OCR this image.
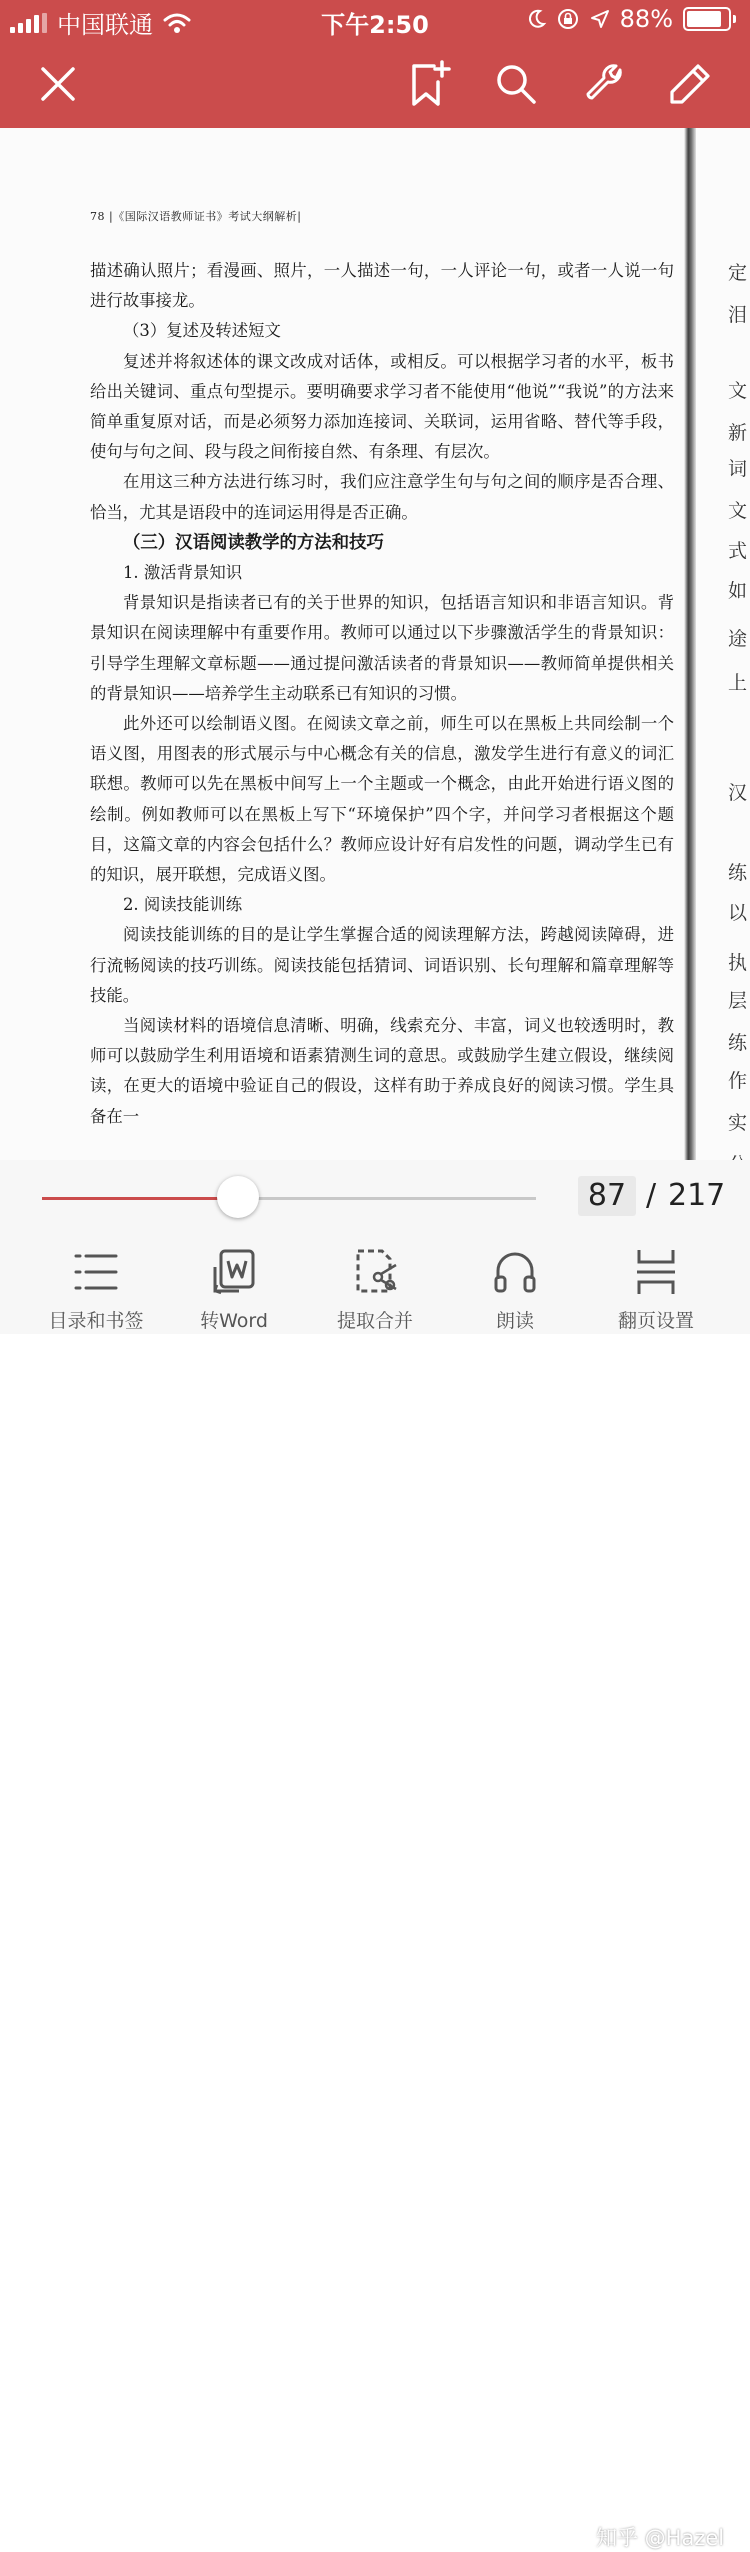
中国联通	下午2:50	88%
78 |《国际汉语教师证书》考试大纲解析|

描述确认照片；看漫画、照片，一人描述一句，一人评论一句，或者一人说一句进行故事接龙。

（3）复述及转述短文

复述并将叙述体的课文改成对话体，或相反。可以根据学习者的水平，板书给出关键词、重点句型提示。要明确要求学习者不能使用“他说”“我说”的方法来简单重复原对话，而是必须努力添加连接词、关联词，运用省略、替代等手段，使句与句之间、段与段之间衔接自然、有条理、有层次。

在用这三种方法进行练习时，我们应注意学生句与句之间的顺序是否合理、恰当，尤其是语段中的连词运用得是否正确。

（三）汉语阅读教学的方法和技巧

1. 激活背景知识

背景知识是指读者已有的关于世界的知识，包括语言知识和非语言知识。背景知识在阅读理解中有重要作用。教师可以通过以下步骤激活学生的背景知识：引导学生理解文章标题——通过提问激活读者的背景知识——教师简单提供相关的背景知识——培养学生主动联系已有知识的习惯。

此外还可以绘制语义图。在阅读文章之前，师生可以在黑板上共同绘制一个语义图，用图表的形式展示与中心概念有关的信息，激发学生进行有意义的词汇联想。教师可以先在黑板中间写上一个主题或一个概念，由此开始进行语义图的绘制。例如教师可以在黑板上写下“环境保护”四个字，并问学习者根据这个题目，这篇文章的内容会包括什么？教师应设计好有启发性的问题，调动学生已有的知识，展开联想，完成语义图。

2. 阅读技能训练

阅读技能训练的目的是让学生掌握合适的阅读理解方法，跨越阅读障碍，进行流畅阅读的技巧训练。阅读技能包括猜词、词语识别、长句理解和篇章理解等技能。

当阅读材料的语境信息清晰、明确，线索充分、丰富，词义也较透明时，教师可以鼓励学生利用语境和语素猜测生词的意思。或鼓励学生建立假设，继续阅读，在更大的语境中验证自己的假设，这样有助于养成良好的阅读习惯。学生具备在一

定
泪
文
新
词
文
式
如
途
上
汉
练
以
执
层
练
作
实
87 / 217
目录和书签	转Word	提取合并	朗读	翻页设置
知乎 @Hazel
